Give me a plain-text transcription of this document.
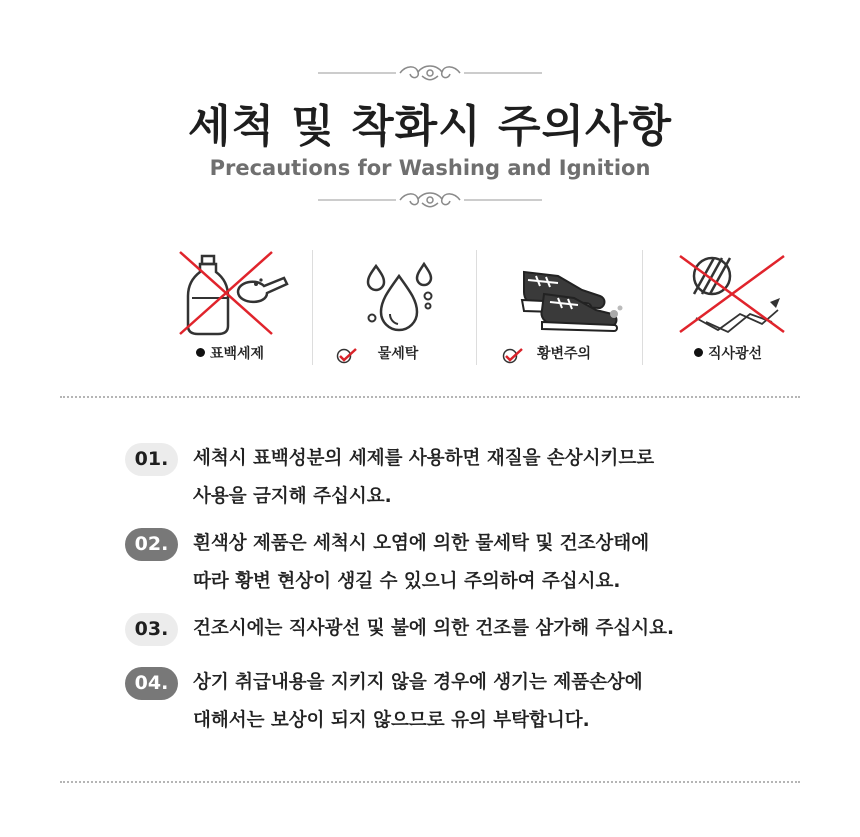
세척 및 착화시 주의사항
Precautions for Washing and Ignition
표백세제	물세탁	황변주의	직사광선
01.	세척시 표백성분의 세제를 사용하면 재질을 손상시키므로
사용을 금지해 주십시요.
02.	흰색상 제품은 세척시 오염에 의한 물세탁 및 건조상태에
따라 황변 현상이 생길 수 있으니 주의하여 주십시요.
03.	건조시에는 직사광선 및 불에 의한 건조를 삼가해 주십시요.
04.	상기 취급내용을 지키지 않을 경우에 생기는 제품손상에
대해서는 보상이 되지 않으므로 유의 부탁합니다.
